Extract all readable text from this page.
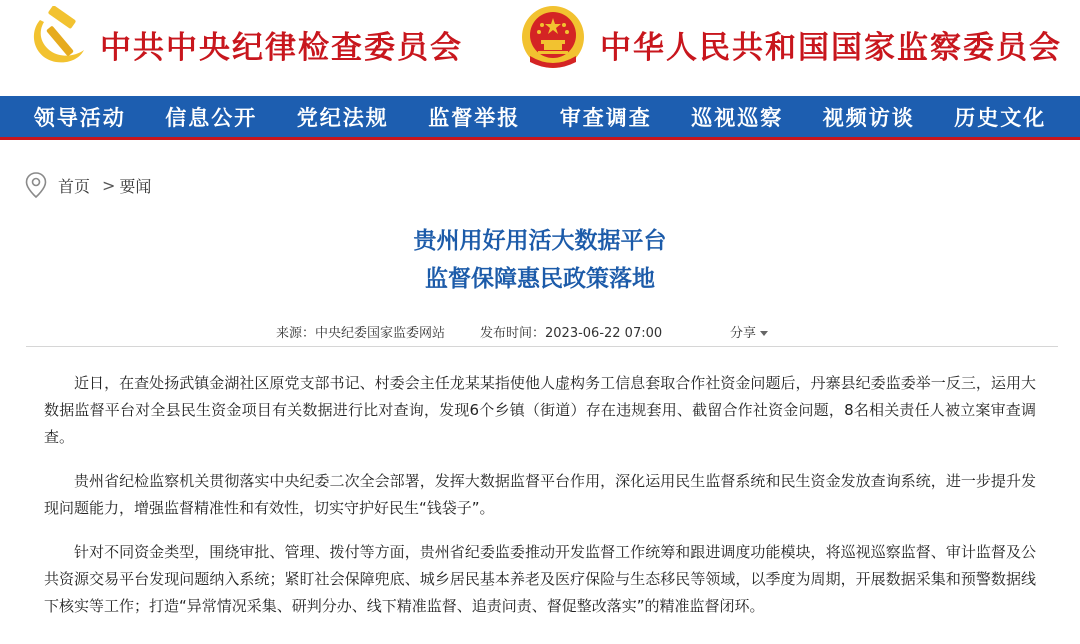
中共中央纪律检查委员会	中华人民共和国国家监察委员会
领导活动 信息公开 党纪法规 监督举报 审查调查 巡视巡察 视频访谈 历史文化
首页 > 要闻
贵州用好用活大数据平台
监督保障惠民政策落地
来源：中央纪委国家监委网站	发布时间：2023-06-22 07:00	分享

近日，在查处扬武镇金湖社区原党支部书记、村委会主任龙某某指使他人虚构务工信息套取合作社资金问题后，丹寨县纪委监委举一反三，运用大数据监督平台对全县民生资金项目有关数据进行比对查询，发现6个乡镇（街道）存在违规套用、截留合作社资金问题，8名相关责任人被立案审查调查。

贵州省纪检监察机关贯彻落实中央纪委二次全会部署，发挥大数据监督平台作用，深化运用民生监督系统和民生资金发放查询系统，进一步提升发现问题能力，增强监督精准性和有效性，切实守护好民生“钱袋子”。

针对不同资金类型，围绕审批、管理、拨付等方面，贵州省纪委监委推动开发监督工作统筹和跟进调度功能模块，将巡视巡察监督、审计监督及公共资源交易平台发现问题纳入系统；紧盯社会保障兜底、城乡居民基本养老及医疗保险与生态移民等领域，以季度为周期，开展数据采集和预警数据线下核实等工作；打造“异常情况采集、研判分办、线下精准监督、追责问责、督促整改落实”的精准监督闭环。
